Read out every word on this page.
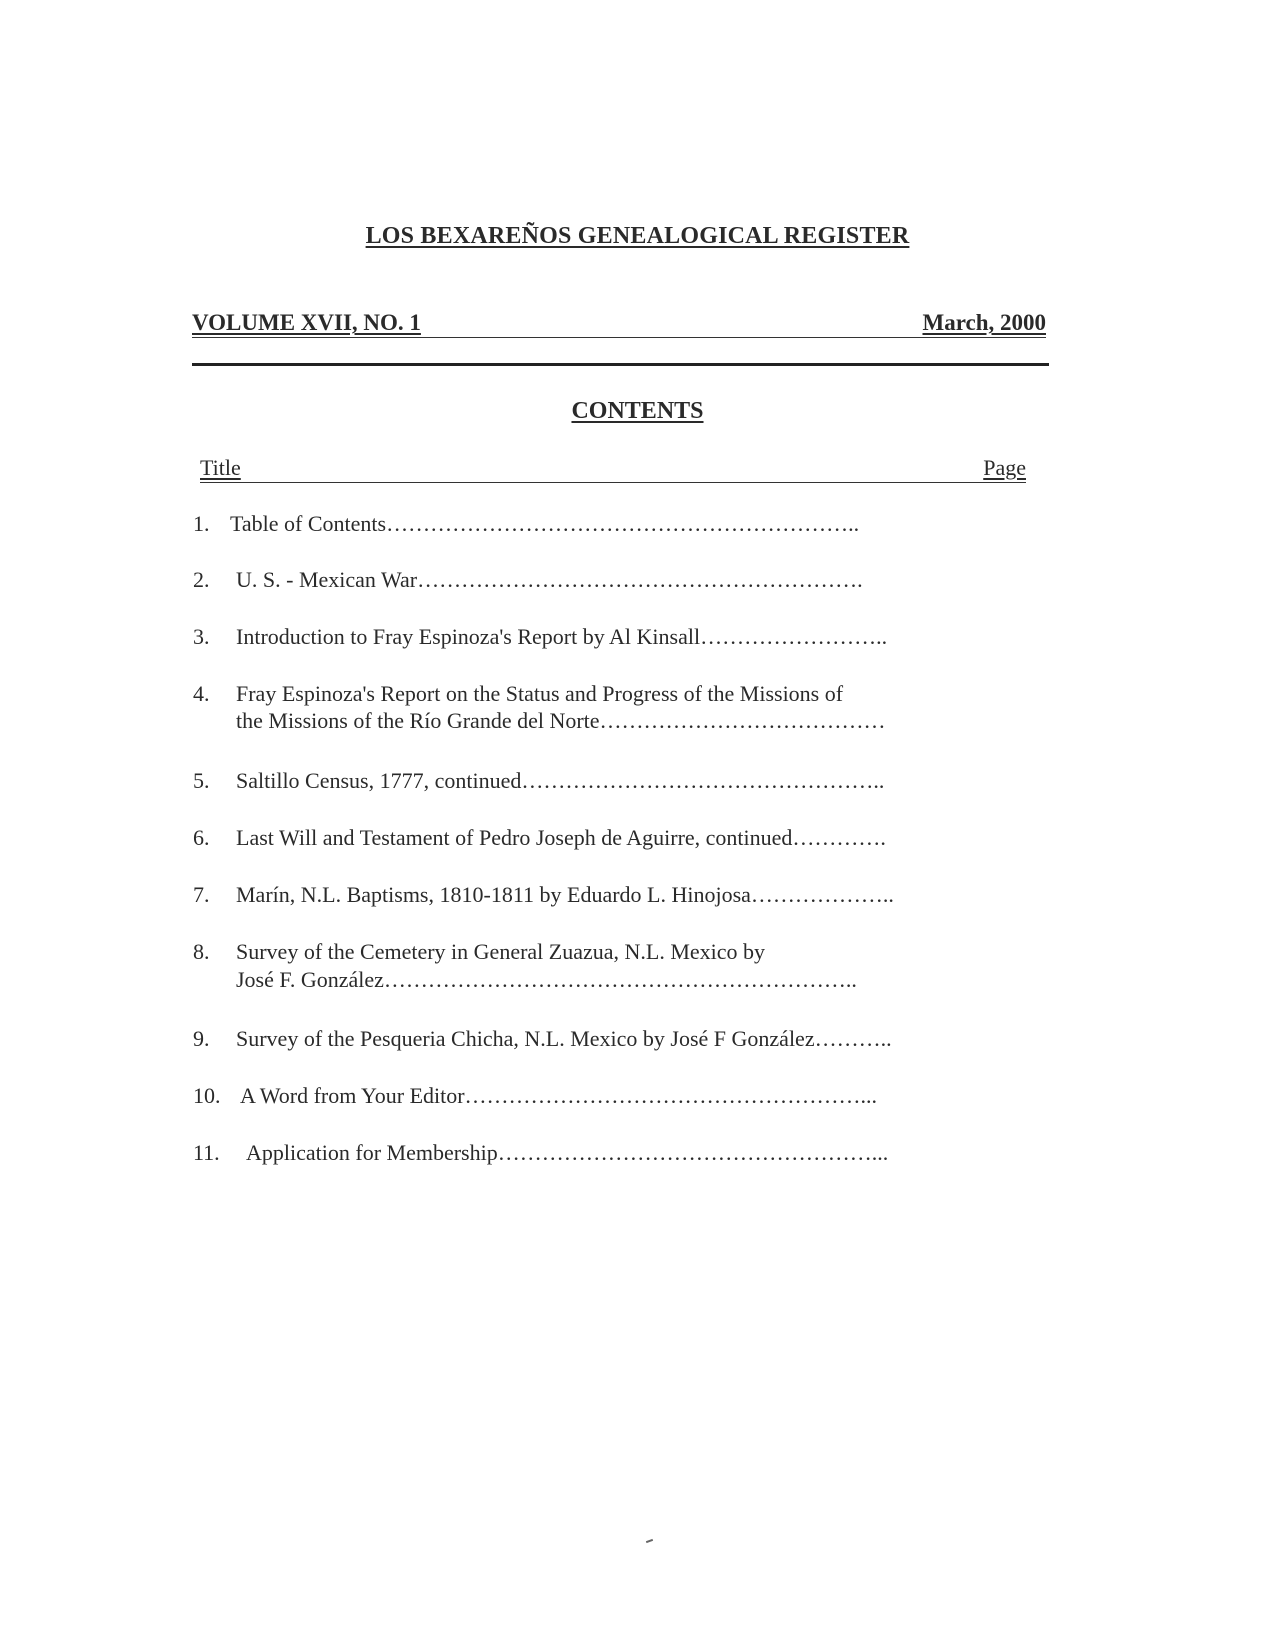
LOS BEXAREÑOS GENEALOGICAL REGISTER
VOLUME XVII, NO. 1	March, 2000
CONTENTS
Title	Page
1. Table of Contents………………………………………………………..
2. U. S. - Mexican War…………………………………………………….
3. Introduction to Fray Espinoza's Report by Al Kinsall……………………..
4. Fray Espinoza's Report on the Status and Progress of the Missions of
the Missions of the Río Grande del Norte…………………………………
5. Saltillo Census, 1777, continued…………………………………………..
6. Last Will and Testament of Pedro Joseph de Aguirre, continued………….
7. Marín, N.L. Baptisms, 1810-1811 by Eduardo L. Hinojosa………………..
8. Survey of the Cemetery in General Zuazua, N.L. Mexico by
José F. González………………………………………………………..
9. Survey of the Pesqueria Chicha, N.L. Mexico by José F González………..
10. A Word from Your Editor………………………………………………...
11. Application for Membership……………………………………………...
